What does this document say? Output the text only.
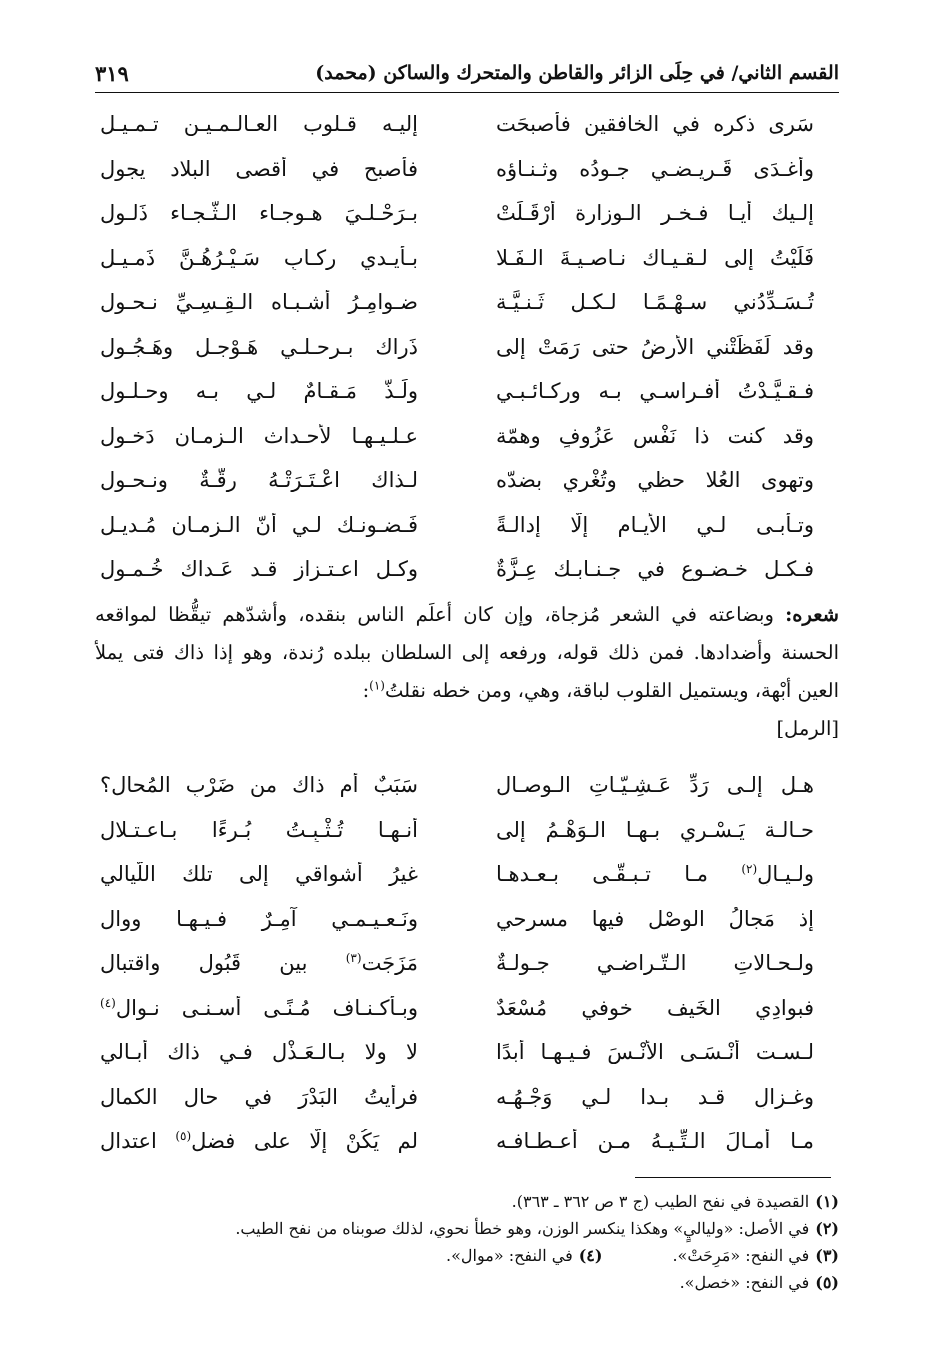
القسم الثاني/ في حِلَى الزائر والقاطن والمتحرك والساكن (محمد)
٣١٩
سَرى ذكره في الخافقين فأصبحَت
إليـه قـلوب العـالـمـيـن تـمـيـل
وأغـدَى قَـريـضـي جـودُه وثـنـاؤه
فأصبح في أقصى البلاد يجول
إلـيك أيـا فـخـر الـوزارة أرْقَـلَتْ
بـرَحْـلـيَ هـوجـاء الـثَّـجـاء ذَلـول
فَلَيْتُ إلى لـقـيـاك نـاصـيـةَ الـفَـلا
بـأيـدي رِكـابٍ سَـيْـرُهُـنَّ ذَمـيـل
تُـسَـدِّدُني سـهْـمًـا لـكـل ثَـنـيَّـة
ضـوامِـرُ أشـبـاه الـقِـسِـيِّ نـحـول
وقد لَفَظَتْني الأرضُ حتى رَمَتْ إلى
ذَراك بـرحـلـي هَـوْجـل وهَـجُـول
فـقـيَّـدْتُ أفـراسـي بـه وركـائـبـي
ولَـذَّ مَـقـامٌ لـي بـه وحـلـول
وقد كنت ذا نَفْسٍ عَزُوفٍ وهمّة
عـلـيـهـا لأحـداث الـزمـان دَخـول
وتهوى العُلا حظي وتُغْري بضدّه
لـذاك اعْـتَـرَتْـهُ رِقَّـةٌ ونـحـول
وتـأبـى لـي الأيـام إلّا إدالـةً
فَـضـونـك لـي أنّ الـزمـان مُـديـل
فـكـل خـضـوعٍ في جـنـابـك عِـزَّةٌ
وكـل اعـتـزازٍ قـد عَـداك خُـمـول
شعره: وبضاعته في الشعر مُزجاة، وإن كان أعلَم الناس بنقده، وأشدّهم تيقُّظا لمواقعه الحسنة وأضدادها. فمن ذلك قوله، ورفعه إلى السلطان ببلده رُندة، وهو إذا ذاك فتى يملأ العين أبْهة، ويستميل القلوب لباقة، وهي، ومن خطه نقلتُ$^{(١)}$:
[الرمل]
هـل إلـى رَدِّ عَـشِـيّـاتِ الـوصـالِ
سَبَبٌ أم ذاك من ضَرْبِ المُحالِ؟
حـالـة يَـسْـري بـهـا الـوَهْـمُ إلى
أنـهـا تُـثْـبِـتُ بُـرءًا بـاعـتـلالِ
ولـيـالٍ$^{(٢)}$ مـا تـبـقّـى بـعـدهـا
غيرُ أشواقي إلى تلك اللّيالي
إذ مَجالُ الوصْلِ فيها مسرحي
ونَـعـيـمـي آمِـرٌ فـيـهـا ووال
ولـحـالاتِ الـتّـراضـي جـولـةٌ
مَزَجَت$^{(٣)}$ بين قَبُول واقتبال
فبوادِي الخَيف خوفي مُسْعَدٌ
وبـأكـنـاف مُـنًـى أسـنـى نـوال$^{(٤)}$
لـسـت أنْـسَـى الأُنْـسَ فـيـهـا أبدًا
لا ولا بـالـعَـذْل فـي ذاك أُبـالي
وغـزالٍ قـد بـدا لـي وَجْـهُـه
فرأيتُ البَدْرَ في حال الكمال
مـا أمـالَ الـتِّـيـهُ مـن أعـطـافـه
لم يَكُنْ إلّا على فضل$^{(٥)}$ اعتدال
(١)القصيدة في نفح الطيب (ج ٣ ص ٣٦٢ ـ ٣٦٣).
(٢)في الأصل: «ولياليٍ» وهكذا ينكسر الوزن، وهو خطأ نحوي، لذلك صوبناه من نفح الطيب.
(٣)في النفح: «مَرِحَتْ».
(٤)في النفح: «موال».
(٥)في النفح: «خصل».
